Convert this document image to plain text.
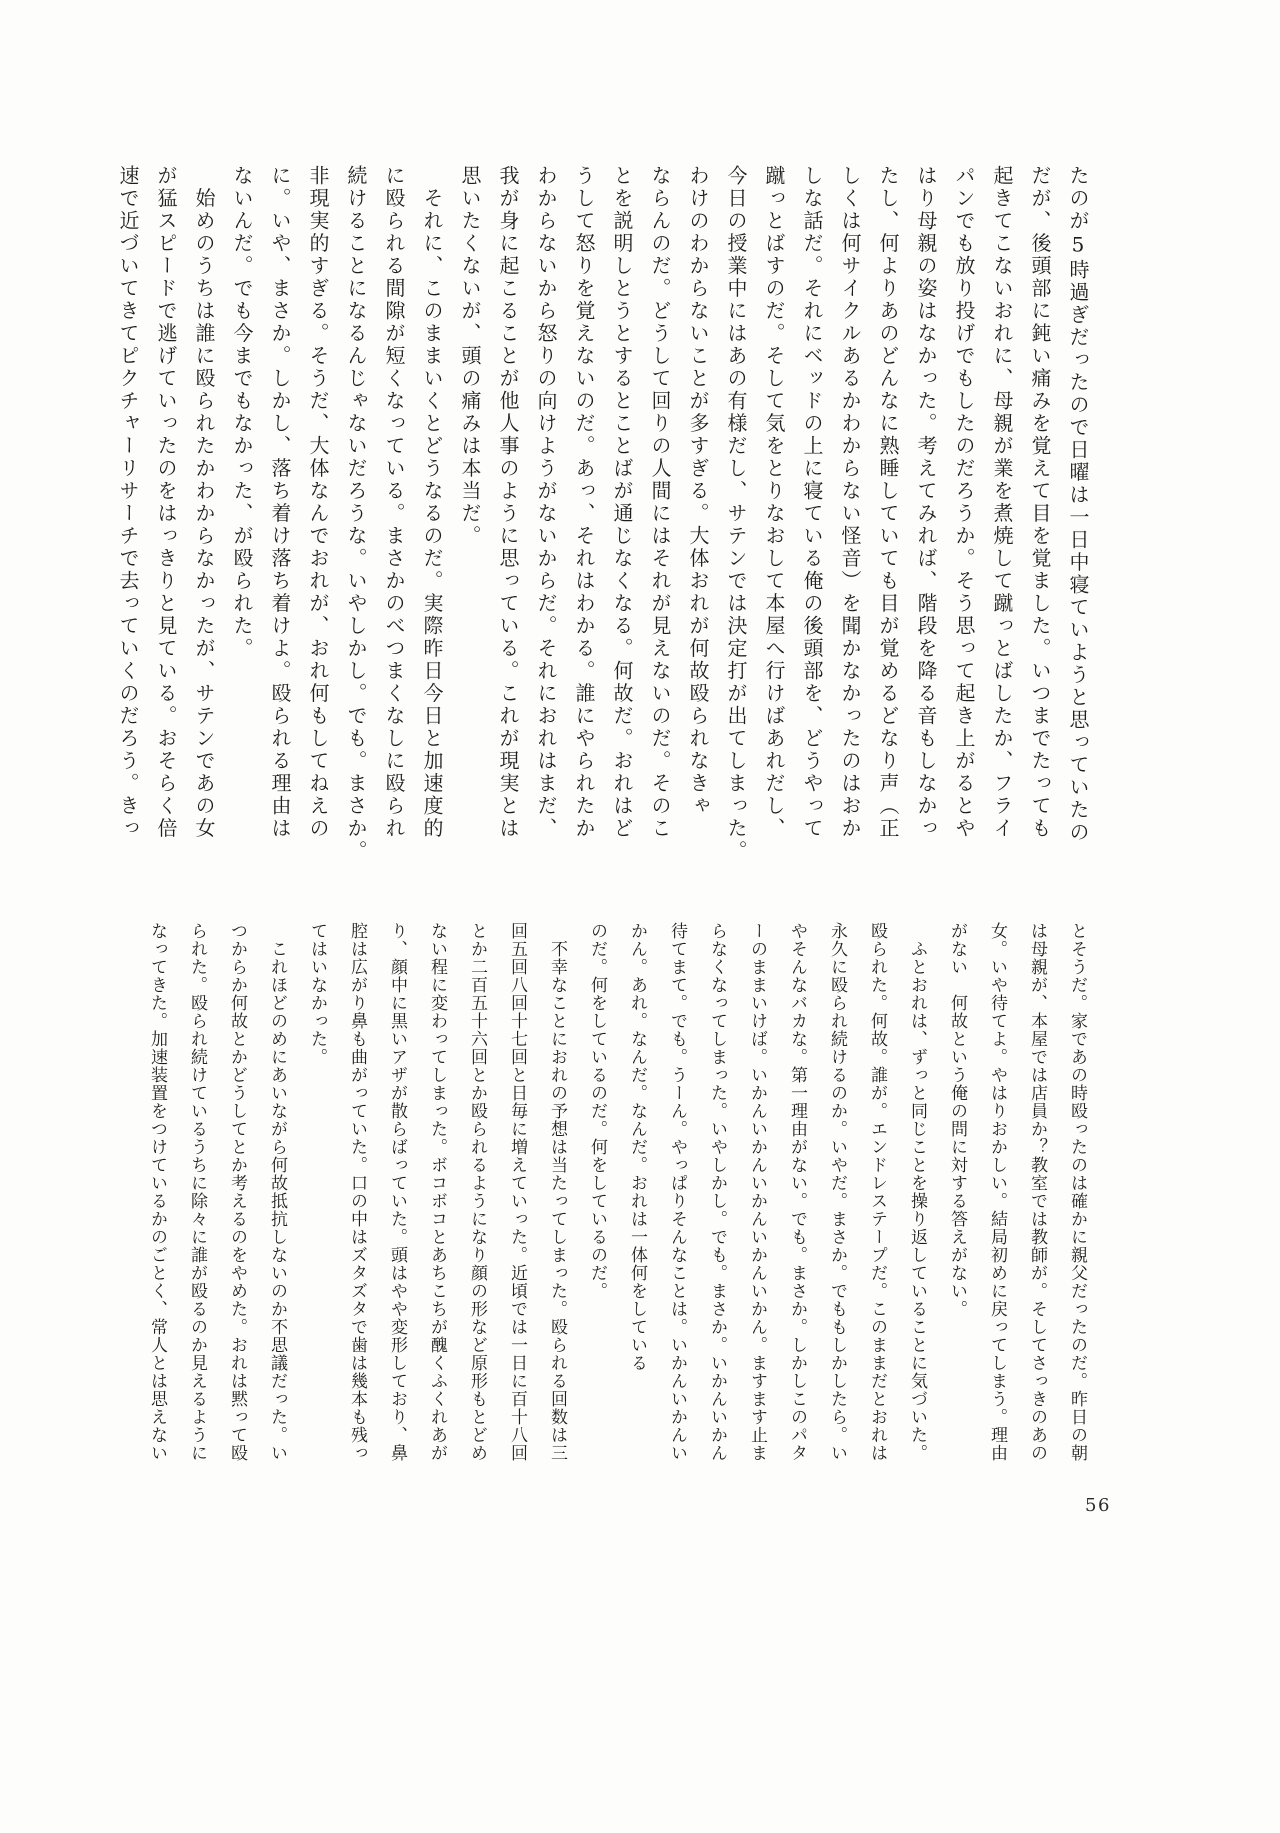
たのが5時過ぎだったので日曜は一日中寝ていようと思っていたの
だが、後頭部に鈍い痛みを覚えて目を覚ました。いつまでたっても
起きてこないおれに、母親が業を煮焼して蹴っとばしたか、フライ
パンでも放り投げでもしたのだろうか。そう思って起き上がるとや
はり母親の姿はなかった。考えてみれば、階段を降る音もしなかっ
たし、何よりあのどんなに熟睡していても目が覚めるどなり声（正
しくは何サイクルあるかわからない怪音）を聞かなかったのはおか
しな話だ。それにベッドの上に寝ている俺の後頭部を、どうやって
蹴っとばすのだ。そして気をとりなおして本屋へ行けばあれだし、
今日の授業中にはあの有様だし、サテンでは決定打が出てしまった。
わけのわからないことが多すぎる。大体おれが何故殴られなきゃ
ならんのだ。どうして回りの人間にはそれが見えないのだ。そのこ
とを説明しとうとするとことばが通じなくなる。何故だ。おれはど
うして怒りを覚えないのだ。あっ、それはわかる。誰にやられたか
わからないから怒りの向けようがないからだ。それにおれはまだ、
我が身に起こることが他人事のように思っている。これが現実とは
思いたくないが、頭の痛みは本当だ。
　それに、このままいくとどうなるのだ。実際昨日今日と加速度的
に殴られる間隙が短くなっている。まさかのべつまくなしに殴られ
続けることになるんじゃないだろうな。いやしかし。でも。まさか。
非現実的すぎる。そうだ、大体なんでおれが、おれ何もしてねえの
に。いや、まさか。しかし、落ち着け落ち着けよ。殴られる理由は
ないんだ。でも今までもなかった、が殴られた。
　始めのうちは誰に殴られたかわからなかったが、サテンであの女
が猛スピードで逃げていったのをはっきりと見ている。おそらく倍
速で近づいてきてピクチャーリサーチで去っていくのだろう。きっ
とそうだ。家であの時殴ったのは確かに親父だったのだ。昨日の朝
は母親が、本屋では店員か？教室では教師が。そしてさっきのあの
女。いや待てよ。やはりおかしい。結局初めに戻ってしまう。理由
がない　何故という俺の問に対する答えがない。
　ふとおれは、ずっと同じことを操り返していることに気づいた。
殴られた。何故。誰が。エンドレステープだ。このままだとおれは
永久に殴られ続けるのか。いやだ。まさか。でももしかしたら。い
やそんなバカな。第一理由がない。でも。まさか。しかしこのパタ
ーのままいけば。いかんいかんいかんいかんいかん。ますます止ま
らなくなってしまった。いやしかし。でも。まさか。いかんいかん
待てまて。でも。うーん。やっぱりそんなことは。いかんいかんい
かん。あれ。なんだ。なんだ。おれは一体何をしている
のだ。何をしているのだ。何をしているのだ。
　不幸なことにおれの予想は当たってしまった。殴られる回数は三
回五回八回十七回と日毎に増えていった。近頃では一日に百十八回
とか二百五十六回とか殴られるようになり顔の形など原形もとどめ
ない程に変わってしまった。ボコボコとあちこちが醜くふくれあが
り、顔中に黒いアザが散らばっていた。頭はやや変形しており、鼻
腔は広がり鼻も曲がっていた。口の中はズタズタで歯は幾本も残っ
てはいなかった。
　これほどのめにあいながら何故抵抗しないのか不思議だった。い
つからか何故とかどうしてとか考えるのをやめた。おれは黙って殴
られた。殴られ続けているうちに除々に誰が殴るのか見えるように
なってきた。加速装置をつけているかのごとく、常人とは思えない
56
